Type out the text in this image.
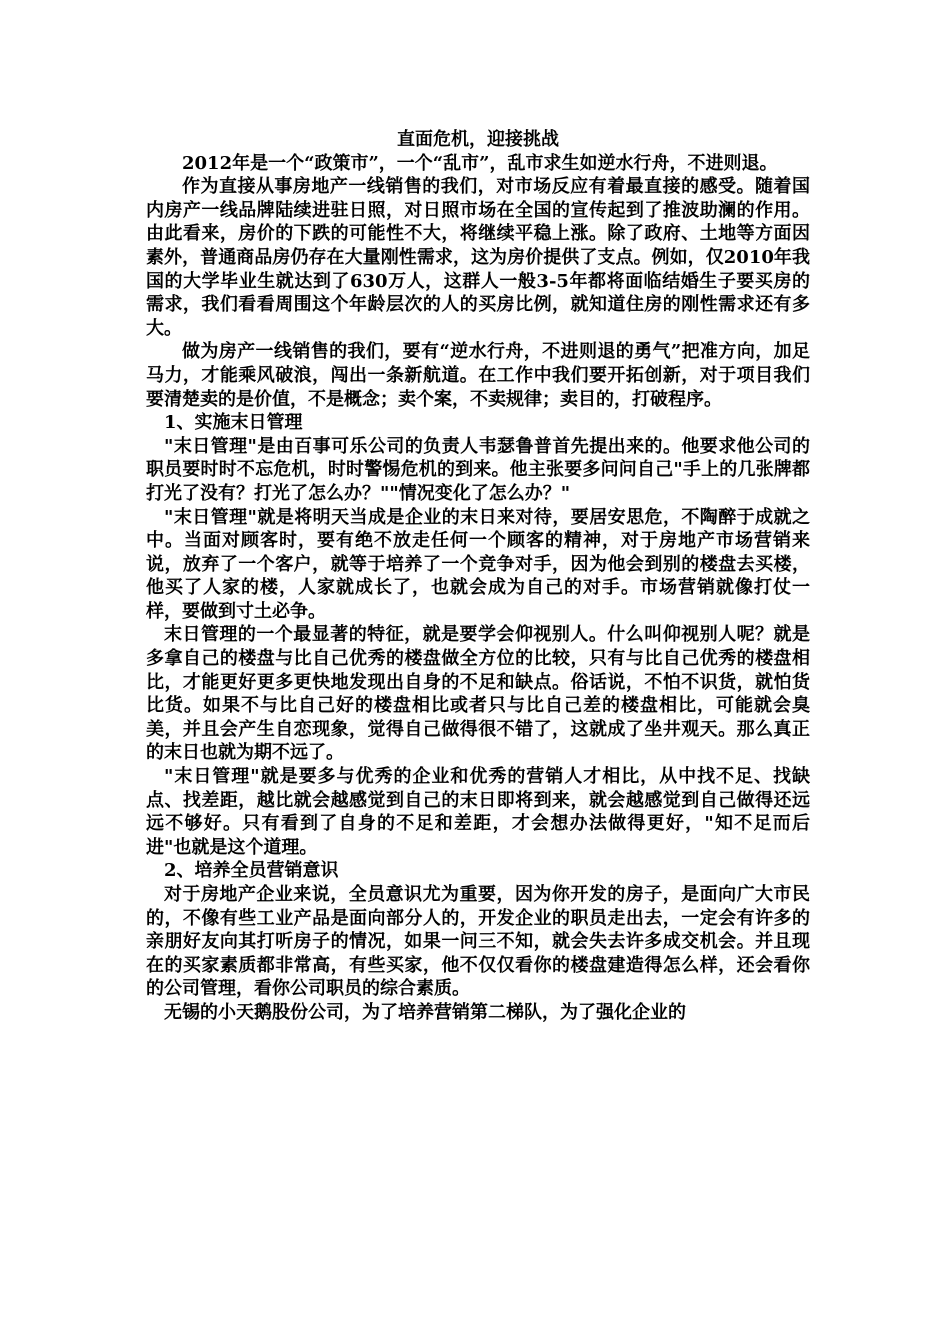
直面危机，迎接挑战

2012年是一个“政策市”，一个“乱市”，乱市求生如逆水行舟，不进则退。

作为直接从事房地产一线销售的我们，对市场反应有着最直接的感受。随着国内房产一线品牌陆续进驻日照，对日照市场在全国的宣传起到了推波助澜的作用。由此看来，房价的下跌的可能性不大，将继续平稳上涨。除了政府、土地等方面因素外，普通商品房仍存在大量刚性需求，这为房价提供了支点。例如，仅2010年我国的大学毕业生就达到了630万人，这群人一般3-5年都将面临结婚生子要买房的需求，我们看看周围这个年龄层次的人的买房比例，就知道住房的刚性需求还有多大。

做为房产一线销售的我们，要有“逆水行舟，不进则退的勇气”把准方向，加足马力，才能乘风破浪，闯出一条新航道。在工作中我们要开拓创新，对于项目我们要清楚卖的是价值，不是概念；卖个案，不卖规律；卖目的，打破程序。

1、实施末日管理

"末日管理"是由百事可乐公司的负责人韦瑟鲁普首先提出来的。他要求他公司的职员要时时不忘危机，时时警惕危机的到来。他主张要多问问自己"手上的几张牌都打光了没有？打光了怎么办？""情况变化了怎么办？"

"末日管理"就是将明天当成是企业的末日来对待，要居安思危，不陶醉于成就之中。当面对顾客时，要有绝不放走任何一个顾客的精神，对于房地产市场营销来说，放弃了一个客户，就等于培养了一个竞争对手，因为他会到别的楼盘去买楼，他买了人家的楼，人家就成长了，也就会成为自己的对手。市场营销就像打仗一样，要做到寸土必争。

末日管理的一个最显著的特征，就是要学会仰视别人。什么叫仰视别人呢？就是多拿自己的楼盘与比自己优秀的楼盘做全方位的比较，只有与比自己优秀的楼盘相比，才能更好更多更快地发现出自身的不足和缺点。俗话说，不怕不识货，就怕货比货。如果不与比自己好的楼盘相比或者只与比自己差的楼盘相比，可能就会臭美，并且会产生自恋现象，觉得自己做得很不错了，这就成了坐井观天。那么真正的末日也就为期不远了。

"末日管理"就是要多与优秀的企业和优秀的营销人才相比，从中找不足、找缺点、找差距，越比就会越感觉到自己的末日即将到来，就会越感觉到自己做得还远远不够好。只有看到了自身的不足和差距，才会想办法做得更好，"知不足而后进"也就是这个道理。

2、培养全员营销意识

对于房地产企业来说，全员意识尤为重要，因为你开发的房子，是面向广大市民的，不像有些工业产品是面向部分人的，开发企业的职员走出去，一定会有许多的亲朋好友向其打听房子的情况，如果一问三不知，就会失去许多成交机会。并且现在的买家素质都非常高，有些买家，他不仅仅看你的楼盘建造得怎么样，还会看你的公司管理，看你公司职员的综合素质。

无锡的小天鹅股份公司，为了培养营销第二梯队，为了强化企业的
